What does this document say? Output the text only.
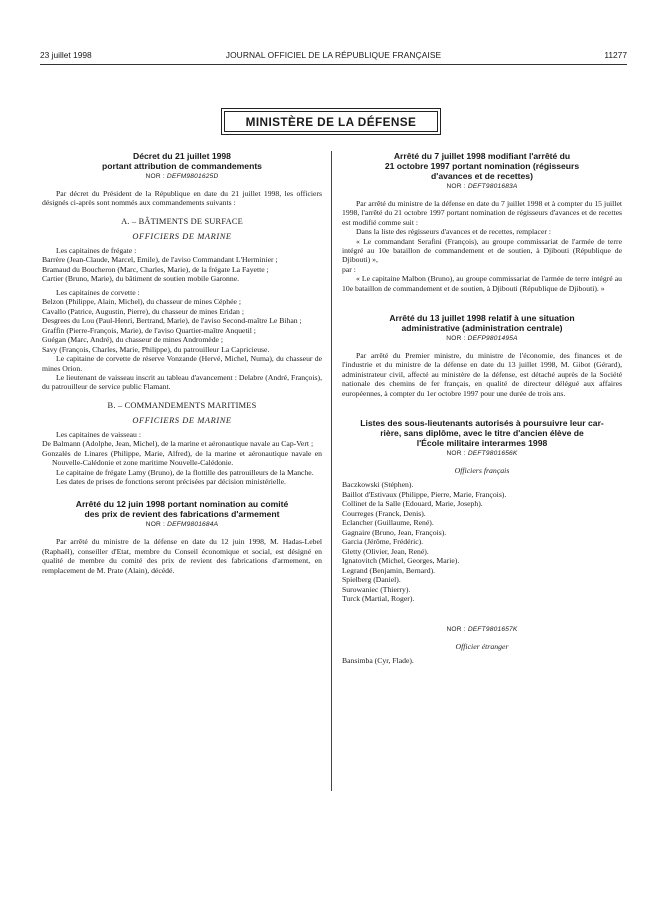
23 juillet 1998	JOURNAL OFFICIEL DE LA RÉPUBLIQUE FRANÇAISE	11277
MINISTÈRE DE LA DÉFENSE
Décret du 21 juillet 1998
portant attribution de commandements
NOR : DEFM9801625D

Par décret du Président de la République en date du 21 juillet 1998, les officiers désignés ci-après sont nommés aux commandements suivants :

A. – BÂTIMENTS DE SURFACE
OFFICIERS DE MARINE

Les capitaines de frégate :

Barrère (Jean-Claude, Marcel, Emile), de l'aviso Commandant L'Herminier ;

Bramaud du Boucheron (Marc, Charles, Marie), de la frégate La Fayette ;

Cartier (Bruno, Marie), du bâtiment de soutien mobile Garonne.

Les capitaines de corvette :

Belzon (Philippe, Alain, Michel), du chasseur de mines Céphée ;

Cavallo (Patrice, Augustin, Pierre), du chasseur de mines Eridan ;

Desgrees du Lou (Paul-Henri, Bertrand, Marie), de l'aviso Second-maître Le Bihan ;

Graffin (Pierre-François, Marie), de l'aviso Quartier-maître Anquetil ;

Guégan (Marc, André), du chasseur de mines Andromède ;

Savy (François, Charles, Marie, Philippe), du patrouilleur La Capricieuse.

Le capitaine de corvette de réserve Vonzande (Hervé, Michel, Numa), du chasseur de mines Orion.

Le lieutenant de vaisseau inscrit au tableau d'avancement : Delabre (André, François), du patrouilleur de service public Flamant.

B. – COMMANDEMENTS MARITIMES
OFFICIERS DE MARINE

Les capitaines de vaisseau :

De Balmann (Adolphe, Jean, Michel), de la marine et aéronautique navale au Cap-Vert ;

Gonzalès de Linares (Philippe, Marie, Alfred), de la marine et aéronautique navale en Nouvelle-Calédonie et zone maritime Nouvelle-Calédonie.

Le capitaine de frégate Lamy (Bruno), de la flottille des patrouilleurs de la Manche.

Les dates de prises de fonctions seront précisées par décision ministérielle.

Arrêté du 12 juin 1998 portant nomination au comité
des prix de revient des fabrications d'armement
NOR : DEFM9801684A

Par arrêté du ministre de la défense en date du 12 juin 1998, M. Hadas-Lebel (Raphaël), conseiller d'Etat, membre du Conseil économique et social, est désigné en qualité de membre du comité des prix de revient des fabrications d'armement, en remplacement de M. Prate (Alain), décédé.

Arrêté du 7 juillet 1998 modifiant l'arrêté du
21 octobre 1997 portant nomination (régisseurs
d'avances et de recettes)
NOR : DEFT9801683A

Par arrêté du ministre de la défense en date du 7 juillet 1998 et à compter du 15 juillet 1998, l'arrêté du 21 octobre 1997 portant nomination de régisseurs d'avances et de recettes est modifié comme suit :

Dans la liste des régisseurs d'avances et de recettes, remplacer :

« Le commandant Serafini (François), au groupe commissariat de l'armée de terre intégré au 10e bataillon de commandement et de soutien, à Djibouti (République de Djibouti) »,

par :

« Le capitaine Malbon (Bruno), au groupe commissariat de l'armée de terre intégré au 10e bataillon de commandement et de soutien, à Djibouti (République de Djibouti). »

Arrêté du 13 juillet 1998 relatif à une situation
administrative (administration centrale)
NOR : DEFP9801495A

Par arrêté du Premier ministre, du ministre de l'économie, des finances et de l'industrie et du ministre de la défense en date du 13 juillet 1998, M. Gibot (Gérard), administrateur civil, affecté au ministère de la défense, est détaché auprès de la Société nationale des chemins de fer français, en qualité de directeur délégué aux affaires européennes, à compter du 1er octobre 1997 pour une durée de trois ans.

Listes des sous-lieutenants autorisés à poursuivre leur car-
rière, sans diplôme, avec le titre d'ancien élève de
l'École militaire interarmes 1998
NOR : DEFT9801656K
Officiers français

Baczkowski (Stéphen).

Baillot d'Estivaux (Philippe, Pierre, Marie, François).

Collinet de la Salle (Edouard, Marie, Joseph).

Courreges (Franck, Denis).

Eclancher (Guillaume, René).

Gagnaire (Bruno, Jean, François).

Garcia (Jérôme, Frédéric).

Gletty (Olivier, Jean, René).

Ignatovitch (Michel, Georges, Marie).

Legrand (Benjamin, Bernard).

Spielberg (Daniel).

Surowaniec (Thierry).

Turck (Martial, Roger).

NOR : DEFT9801657K
Officier étranger

Bansimba (Cyr, Flade).
